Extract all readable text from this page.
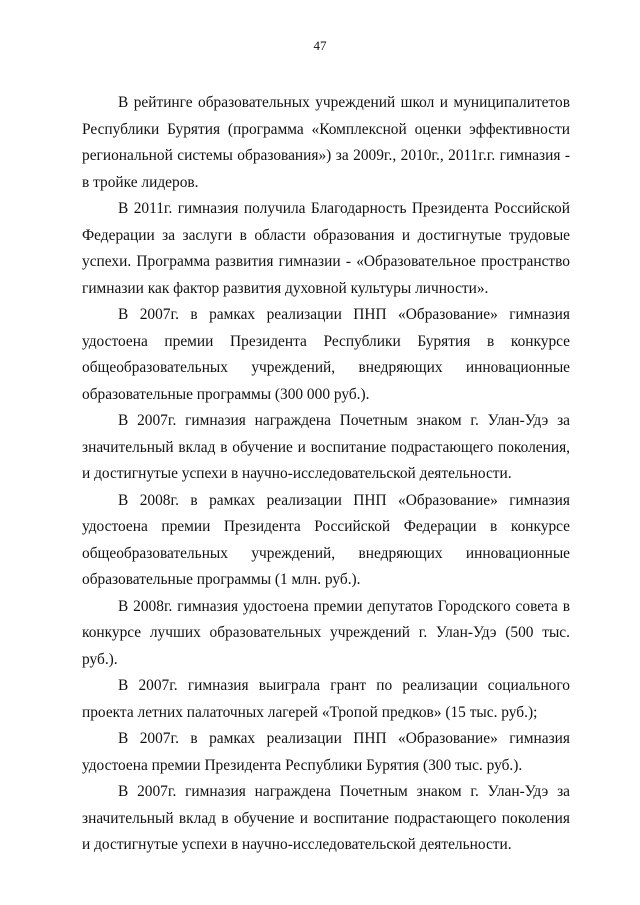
47

В рейтинге образовательных учреждений школ и муниципалитетов Республики Бурятия (программа «Комплексной оценки эффективности региональной системы образования») за 2009г., 2010г., 2011г.г. гимназия - в тройке лидеров.

В 2011г. гимназия получила Благодарность Президента Российской Федерации за заслуги в области образования и достигнутые трудовые успехи. Программа развития гимназии - «Образовательное пространство гимназии как фактор развития духовной культуры личности».

В 2007г. в рамках реализации ПНП «Образование» гимназия удостоена премии Президента Республики Бурятия в конкурсе общеобразовательных учреждений, внедряющих инновационные образовательные программы (300 000 руб.).

В 2007г. гимназия награждена Почетным знаком г. Улан-Удэ за значительный вклад в обучение и воспитание подрастающего поколения, и достигнутые успехи в научно-исследовательской деятельности.

В 2008г. в рамках реализации ПНП «Образование» гимназия удостоена премии Президента Российской Федерации в конкурсе общеобразовательных учреждений, внедряющих инновационные образовательные программы (1 млн. руб.).

В 2008г. гимназия удостоена премии депутатов Городского совета в конкурсе лучших образовательных учреждений г. Улан-Удэ (500 тыс. руб.).

В 2007г. гимназия выиграла грант по реализации социального проекта летних палаточных лагерей «Тропой предков» (15 тыс. руб.);

В 2007г. в рамках реализации ПНП «Образование» гимназия удостоена премии Президента Республики Бурятия (300 тыс. руб.).

В 2007г. гимназия награждена Почетным знаком г. Улан-Удэ за значительный вклад в обучение и воспитание подрастающего поколения и достигнутые успехи в научно-исследовательской деятельности.
